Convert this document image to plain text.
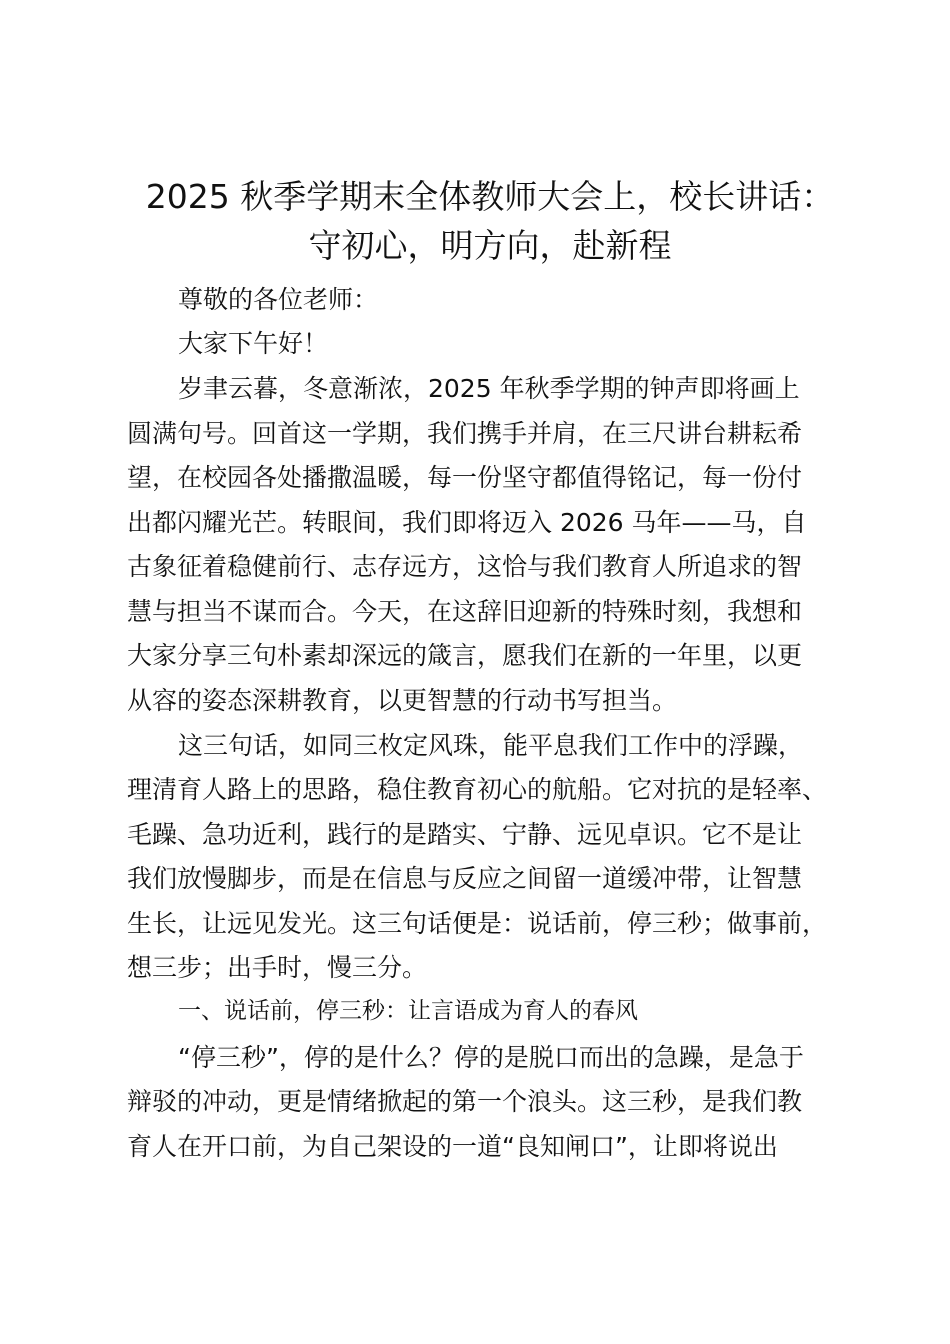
2025 秋季学期末全体教师大会上，校长讲话：
守初心，明方向，赴新程

尊敬的各位老师：

大家下午好！

岁聿云暮，冬意渐浓，2025 年秋季学期的钟声即将画上

圆满句号。回首这一学期，我们携手并肩，在三尺讲台耕耘希

望，在校园各处播撒温暖，每一份坚守都值得铭记，每一份付

出都闪耀光芒。转眼间，我们即将迈入 2026 马年——马，自

古象征着稳健前行、志存远方，这恰与我们教育人所追求的智

慧与担当不谋而合。今天，在这辞旧迎新的特殊时刻，我想和

大家分享三句朴素却深远的箴言，愿我们在新的一年里，以更

从容的姿态深耕教育，以更智慧的行动书写担当。

这三句话，如同三枚定风珠，能平息我们工作中的浮躁，

理清育人路上的思路，稳住教育初心的航船。它对抗的是轻率、

毛躁、急功近利，践行的是踏实、宁静、远见卓识。它不是让

我们放慢脚步，而是在信息与反应之间留一道缓冲带，让智慧

生长，让远见发光。这三句话便是：说话前，停三秒；做事前，

想三步；出手时，慢三分。

一、说话前，停三秒：让言语成为育人的春风

“停三秒”，停的是什么？停的是脱口而出的急躁，是急于

辩驳的冲动，更是情绪掀起的第一个浪头。这三秒，是我们教

育人在开口前，为自己架设的一道“良知闸口”，让即将说出
